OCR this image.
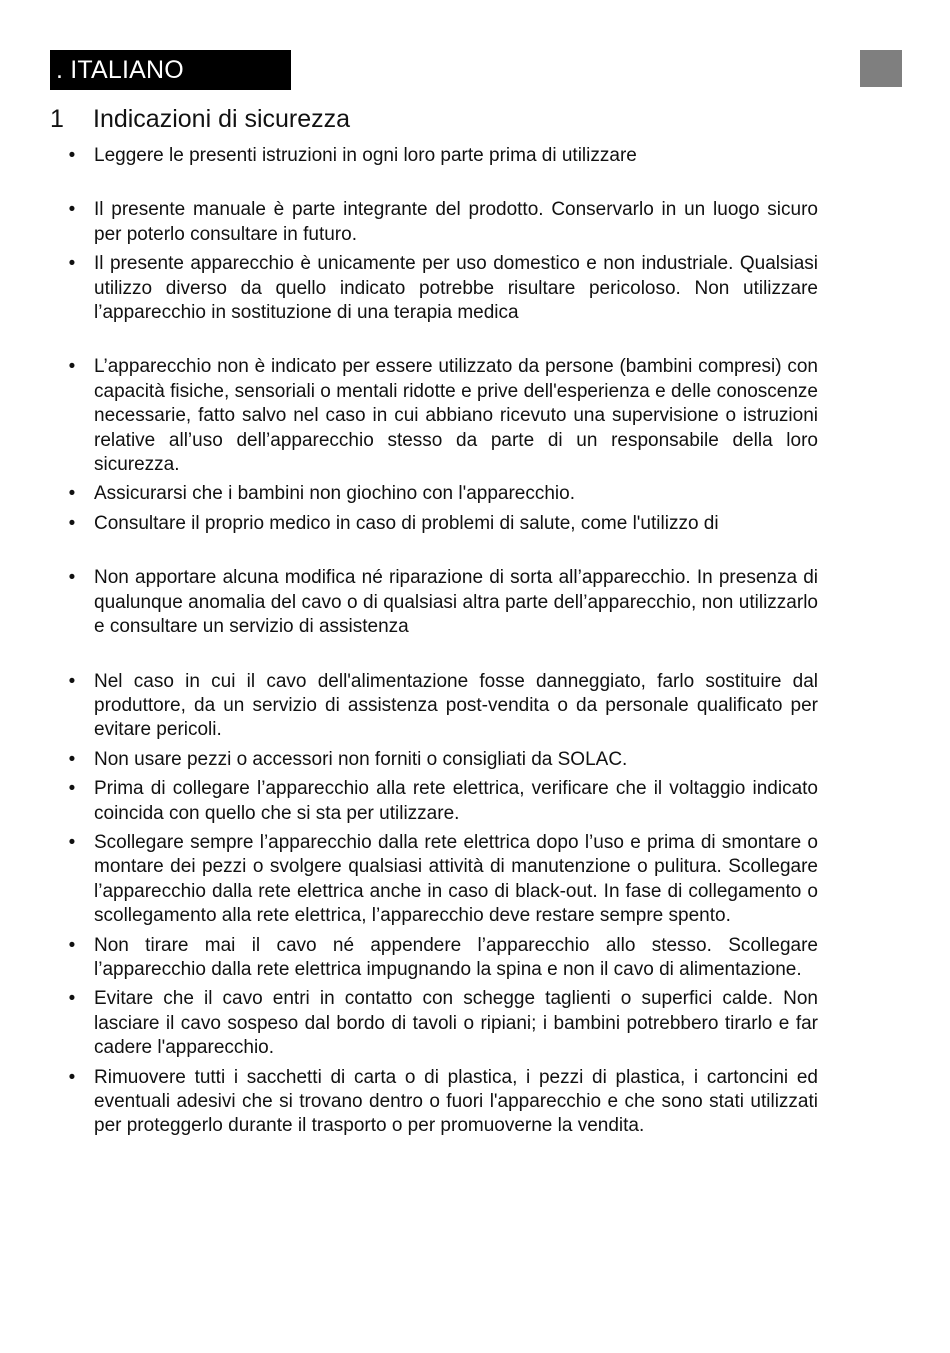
. ITALIANO
1 Indicazioni di sicurezza
• Leggere le presenti istruzioni in ogni loro parte prima di utilizzare
• Il presente manuale è parte integrante del prodotto. Conservarlo in un luogo sicuro per poterlo consultare in futuro.
• Il presente apparecchio è unicamente per uso domestico e non industriale. Qualsiasi utilizzo diverso da quello indicato potrebbe risultare pericoloso. Non utilizzare l’apparecchio in sostituzione di una terapia medica
• L’apparecchio non è indicato per essere utilizzato da persone (bambini compresi) con capacità fisiche, sensoriali o mentali ridotte e prive dell'esperienza e delle conoscenze necessarie, fatto salvo nel caso in cui abbiano ricevuto una supervisione o istruzioni relative all’uso dell’apparecchio stesso da parte di un responsabile della loro sicurezza.
• Assicurarsi che i bambini non giochino con l'apparecchio.
• Consultare il proprio medico in caso di problemi di salute, come l'utilizzo di
• Non apportare alcuna modifica né riparazione di sorta all’apparecchio. In presenza di qualunque anomalia del cavo o di qualsiasi altra parte dell’apparecchio, non utilizzarlo e consultare un servizio di assistenza
• Nel caso in cui il cavo dell'alimentazione fosse danneggiato, farlo sostituire dal produttore, da un servizio di assistenza post-vendita o da personale qualificato per evitare pericoli.
• Non usare pezzi o accessori non forniti o consigliati da SOLAC.
• Prima di collegare l’apparecchio alla rete elettrica, verificare che il voltaggio indicato coincida con quello che si sta per utilizzare.
• Scollegare sempre l’apparecchio dalla rete elettrica dopo l’uso e prima di smontare o montare dei pezzi o svolgere qualsiasi attività di manutenzione o pulitura. Scollegare l’apparecchio dalla rete elettrica anche in caso di black-out. In fase di collegamento o scollegamento alla rete elettrica, l’apparecchio deve restare sempre spento.
• Non tirare mai il cavo né appendere l’apparecchio allo stesso. Scollegare l’apparecchio dalla rete elettrica impugnando la spina e non il cavo di alimentazione.
• Evitare che il cavo entri in contatto con schegge taglienti o superfici calde. Non lasciare il cavo sospeso dal bordo di tavoli o ripiani; i bambini potrebbero tirarlo e far cadere l'apparecchio.
• Rimuovere tutti i sacchetti di carta o di plastica, i pezzi di plastica, i cartoncini ed eventuali adesivi che si trovano dentro o fuori l'apparecchio e che sono stati utilizzati per proteggerlo durante il trasporto o per promuoverne la vendita.
